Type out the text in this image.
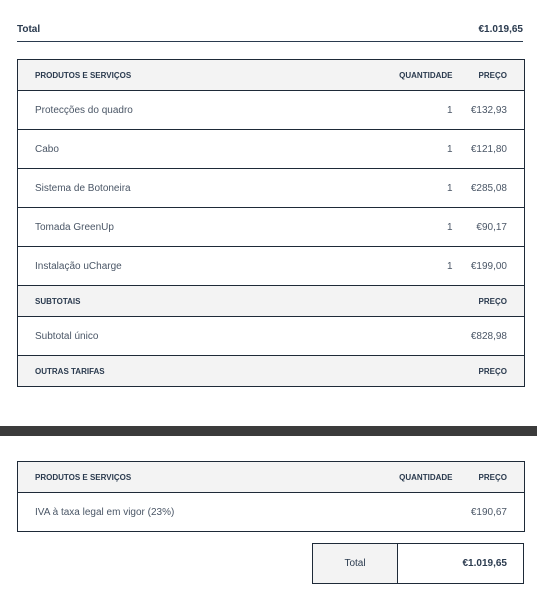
Total	€1.019,65
PRODUTOS E SERVIÇOS	QUANTIDADE	PREÇO
Protecções do quadro	1	€132,93
Cabo	1	€121,80
Sistema de Botoneira	1	€285,08
Tomada GreenUp	1	€90,17
Instalação uCharge	1	€199,00
SUBTOTAIS		PREÇO
Subtotal único		€828,98
OUTRAS TARIFAS		PREÇO
PRODUTOS E SERVIÇOS	QUANTIDADE	PREÇO
IVA à taxa legal em vigor (23%)		€190,67
Total	€1.019,65
